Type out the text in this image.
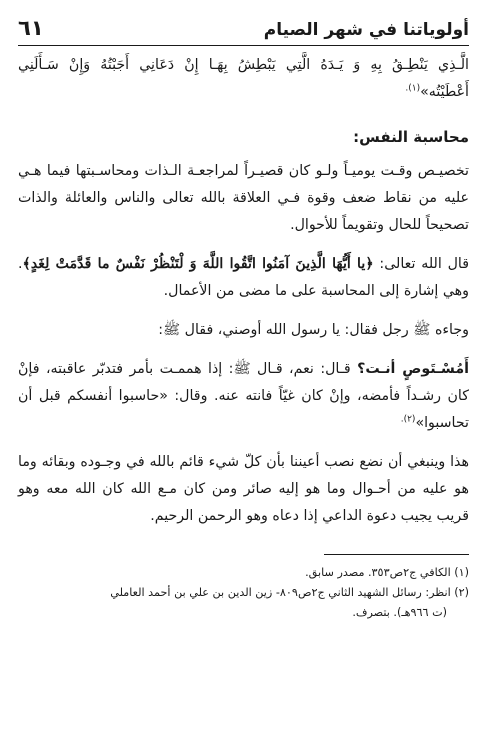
أولوياتنا في شهر الصيام
٦١

الَّـذِي يَنْطِـقُ بِهِ وَ يَـدَهُ الَّتِي يَبْطِشُ بِهَـا إِنْ دَعَانِي أَجَبْتُهُ وَإِنْ سَـأَلَنِي

أَعْطَيْتُه»$^{(١).}$

محاسبة النفس:

تخصيـص وقـت يوميـاً ولـو كان قصيـراً لمراجعـة الـذات ومحاسـبتها فيما هـي عليه من نقاط ضعف وقوة فـي العلاقة بالله تعالى والناس والعائلة والذات تصحيحاً للحال وتقويماً للأحوال.

قال الله تعالى: ﴿يا أَيُّهَا الَّذِينَ آمَنُوا اتَّقُوا اللَّهَ وَ لْتَنْظُرْ نَفْسٌ ما قَدَّمَتْ لِغَدٍ﴾. وهي إشارة إلى المحاسبة على ما مضى من الأعمال.

وجاءه ﷺ رجل فقال: يا رسول الله أوصني، فقال ﷺ:

أَمُسْـتَوصٍ أنـت؟ قـال: نعم، قـال ﷺ: إذا هممـت بأمر فتدبّر عاقبته، فإنْ كان رشـداً فأمضه، وإنْ كان غيّاً فانته عنه. وقال: «حاسبوا أنفسكم قبل أن تحاسبوا»$^{(٢).}$

هذا وينبغي أن نضع نصب أعيننا بأن كلّ شيء قائم بالله في وجـوده وبقائه وما هو عليه من أحـوال وما هو إليه صائر ومن كان مـع الله كان الله معه وهو قريب يجيب دعوة الداعي إذا دعاه وهو الرحمن الرحيم.

(١) الكافي ج٢ص٣٥٣. مصدر سابق.

(٢) انظر: رسائل الشهيد الثاني ج٢ص٨٠٩- زين الدين بن علي بن أحمد العاملي

(ت ٩٦٦هـ). بتصرف.
